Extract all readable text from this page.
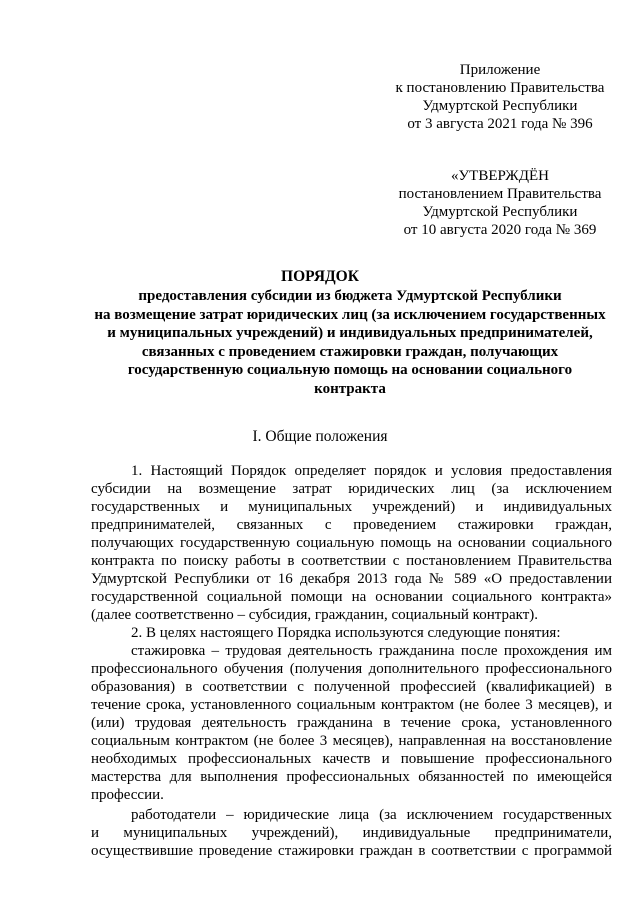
Приложение
к постановлению Правительства
Удмуртской Республики
от 3 августа 2021 года № 396
«УТВЕРЖДЁН
постановлением Правительства
Удмуртской Республики
от 10 августа 2020 года № 369
ПОРЯДОК
предоставления субсидии из бюджета Удмуртской Республики
на возмещение затрат юридических лиц (за исключением государственных
и муниципальных учреждений) и индивидуальных предпринимателей,
связанных с проведением стажировки граждан, получающих
государственную социальную помощь на основании социального
контракта
I. Общие положения
1. Настоящий Порядок определяет порядок и условия предоставления
субсидии на возмещение затрат юридических лиц (за исключением
государственных и муниципальных учреждений) и индивидуальных
предпринимателей, связанных с проведением стажировки граждан,
получающих государственную социальную помощь на основании социального
контракта по поиску работы в соответствии с постановлением Правительства
Удмуртской Республики от 16 декабря 2013 года № 589 «О предоставлении
государственной социальной помощи на основании социального контракта»
(далее соответственно – субсидия, гражданин, социальный контракт).
2. В целях настоящего Порядка используются следующие понятия:
стажировка – трудовая деятельность гражданина после прохождения им
профессионального обучения (получения дополнительного профессионального
образования) в соответствии с полученной профессией (квалификацией) в
течение срока, установленного социальным контрактом (не более 3 месяцев), и
(или) трудовая деятельность гражданина в течение срока, установленного
социальным контрактом (не более 3 месяцев), направленная на восстановление
необходимых профессиональных качеств и повышение профессионального
мастерства для выполнения профессиональных обязанностей по имеющейся
профессии.
работодатели – юридические лица (за исключением государственных
и муниципальных учреждений), индивидуальные предприниматели,
осуществившие проведение стажировки граждан в соответствии с программой
